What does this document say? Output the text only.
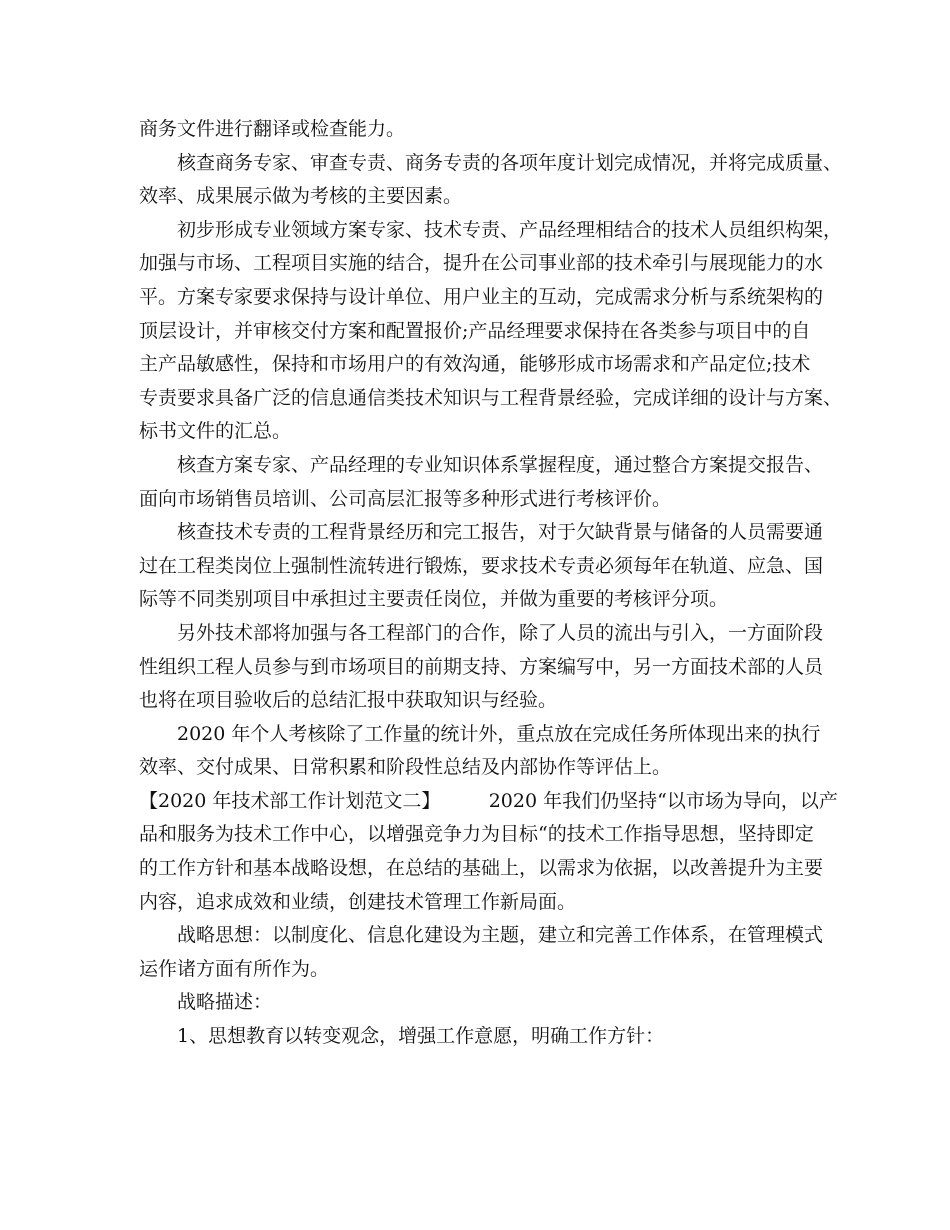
商务文件进行翻译或检查能力。
核查商务专家、审查专责、商务专责的各项年度计划完成情况，并将完成质量、
效率、成果展示做为考核的主要因素。
初步形成专业领域方案专家、技术专责、产品经理相结合的技术人员组织构架，
加强与市场、工程项目实施的结合，提升在公司事业部的技术牵引与展现能力的水
平。方案专家要求保持与设计单位、用户业主的互动，完成需求分析与系统架构的
顶层设计，并审核交付方案和配置报价;产品经理要求保持在各类参与项目中的自
主产品敏感性，保持和市场用户的有效沟通，能够形成市场需求和产品定位;技术
专责要求具备广泛的信息通信类技术知识与工程背景经验，完成详细的设计与方案、
标书文件的汇总。
核查方案专家、产品经理的专业知识体系掌握程度，通过整合方案提交报告、
面向市场销售员培训、公司高层汇报等多种形式进行考核评价。
核查技术专责的工程背景经历和完工报告，对于欠缺背景与储备的人员需要通
过在工程类岗位上强制性流转进行锻炼，要求技术专责必须每年在轨道、应急、国
际等不同类别项目中承担过主要责任岗位，并做为重要的考核评分项。
另外技术部将加强与各工程部门的合作，除了人员的流出与引入，一方面阶段
性组织工程人员参与到市场项目的前期支持、方案编写中，另一方面技术部的人员
也将在项目验收后的总结汇报中获取知识与经验。
2020 年个人考核除了工作量的统计外，重点放在完成任务所体现出来的执行
效率、交付成果、日常积累和阶段性总结及内部协作等评估上。
【2020 年技术部工作计划范文二】        2020 年我们仍坚持“以市场为导向，以产
品和服务为技术工作中心，以增强竞争力为目标“的技术工作指导思想，坚持即定
的工作方针和基本战略设想，在总结的基础上，以需求为依据，以改善提升为主要
内容，追求成效和业绩，创建技术管理工作新局面。
战略思想：以制度化、信息化建设为主题，建立和完善工作体系，在管理模式
运作诸方面有所作为。
战略描述：
1、思想教育以转变观念，增强工作意愿，明确工作方针：
